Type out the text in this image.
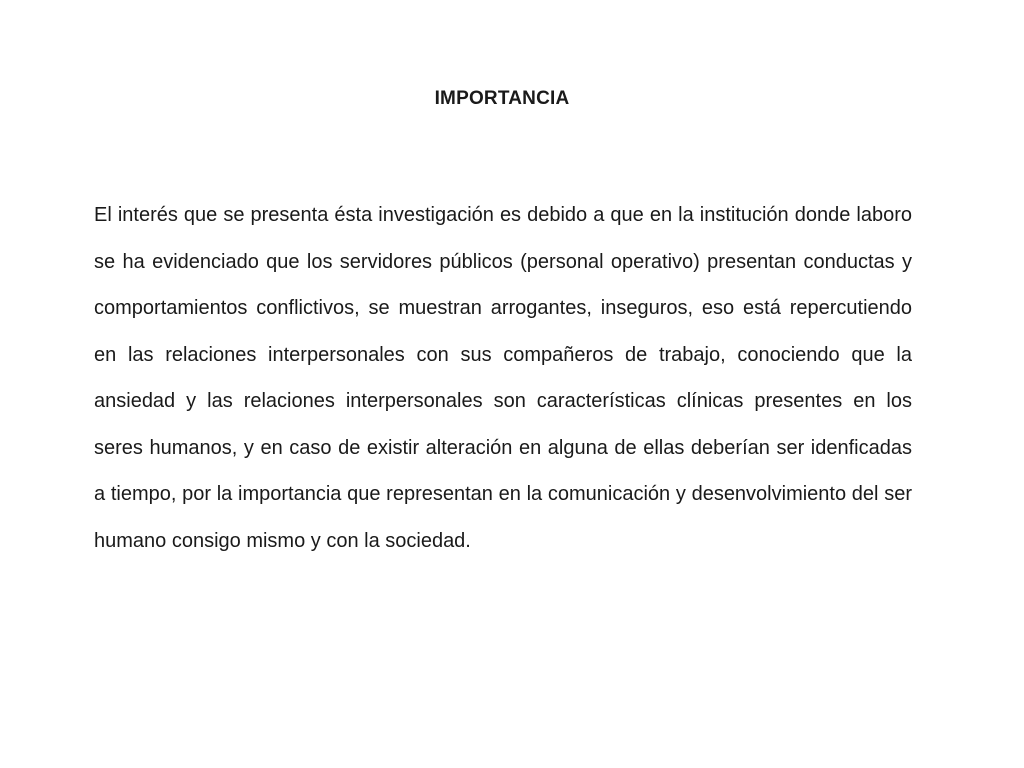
IMPORTANCIA

El interés que se presenta ésta investigación es debido a que en la institución donde laboro se ha evidenciado que los servidores públicos (personal operativo) presentan conductas y comportamientos conflictivos, se muestran arrogantes, inseguros, eso está repercutiendo en las relaciones interpersonales con sus compañeros de trabajo, conociendo que la ansiedad y las relaciones interpersonales son características clínicas presentes en los seres humanos, y en caso de existir alteración en alguna de ellas deberían ser idenficadas a tiempo, por la importancia que representan en la comunicación y desenvolvimiento del ser humano consigo mismo y con la sociedad.
